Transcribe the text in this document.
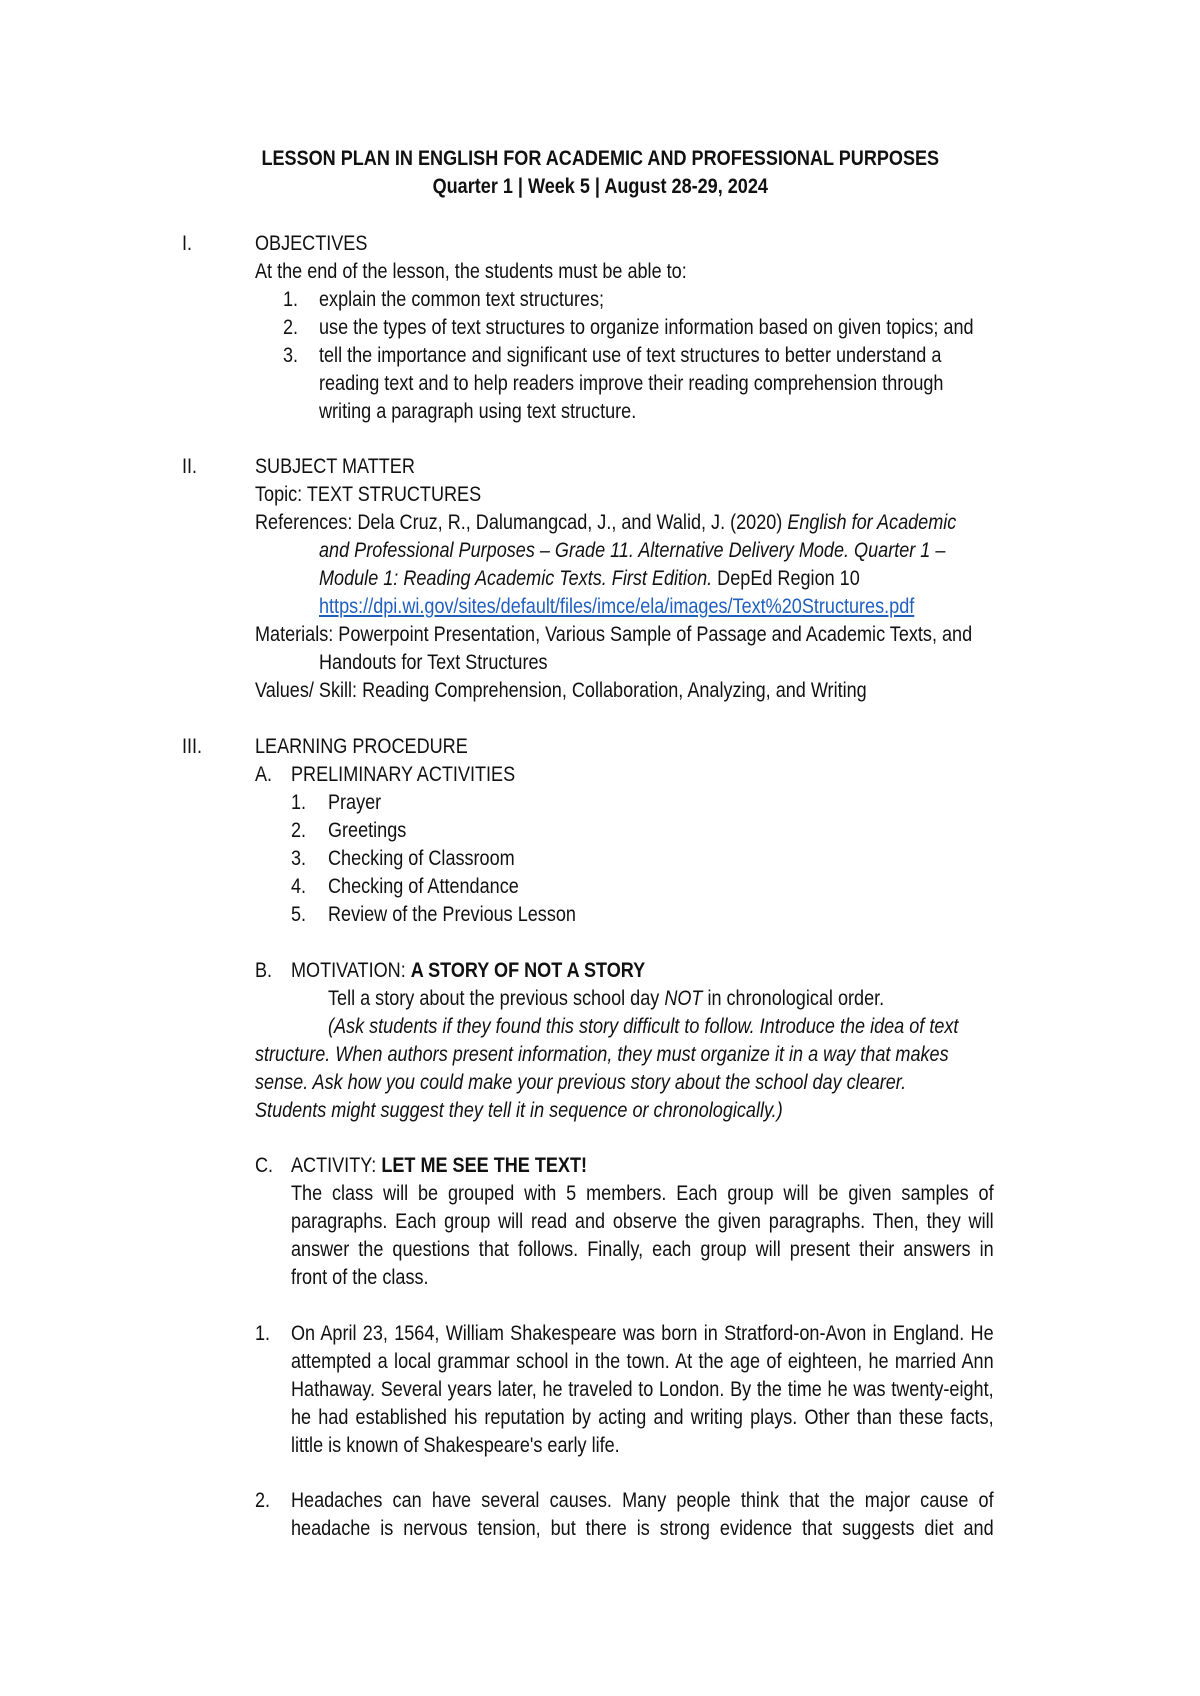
LESSON PLAN IN ENGLISH FOR ACADEMIC AND PROFESSIONAL PURPOSES
Quarter 1 | Week 5 | August 28-29, 2024
I.	OBJECTIVES
At the end of the lesson, the students must be able to:
1. explain the common text structures;
2. use the types of text structures to organize information based on given topics; and
3. tell the importance and significant use of text structures to better understand a
reading text and to help readers improve their reading comprehension through
writing a paragraph using text structure.
II.	SUBJECT MATTER
Topic: TEXT STRUCTURES
References: Dela Cruz, R., Dalumangcad, J., and Walid, J. (2020) English for Academic
and Professional Purposes – Grade 11. Alternative Delivery Mode. Quarter 1 –
Module 1: Reading Academic Texts. First Edition. DepEd Region 10
https://dpi.wi.gov/sites/default/files/imce/ela/images/Text%20Structures.pdf
Materials: Powerpoint Presentation, Various Sample of Passage and Academic Texts, and
Handouts for Text Structures
Values/ Skill: Reading Comprehension, Collaboration, Analyzing, and Writing
III.	LEARNING PROCEDURE
A. PRELIMINARY ACTIVITIES
1. Prayer
2. Greetings
3. Checking of Classroom
4. Checking of Attendance
5. Review of the Previous Lesson
B. MOTIVATION: A STORY OF NOT A STORY
Tell a story about the previous school day NOT in chronological order.
(Ask students if they found this story difficult to follow. Introduce the idea of text
structure. When authors present information, they must organize it in a way that makes
sense. Ask how you could make your previous story about the school day clearer.
Students might suggest they tell it in sequence or chronologically.)
C. ACTIVITY: LET ME SEE THE TEXT!
The class will be grouped with 5 members. Each group will be given samples of
paragraphs. Each group will read and observe the given paragraphs. Then, they will
answer the questions that follows. Finally, each group will present their answers in
front of the class.
1. On April 23, 1564, William Shakespeare was born in Stratford-on-Avon in England. He
attempted a local grammar school in the town. At the age of eighteen, he married Ann
Hathaway. Several years later, he traveled to London. By the time he was twenty-eight,
he had established his reputation by acting and writing plays. Other than these facts,
little is known of Shakespeare's early life.
2. Headaches can have several causes. Many people think that the major cause of
headache is nervous tension, but there is strong evidence that suggests diet and
